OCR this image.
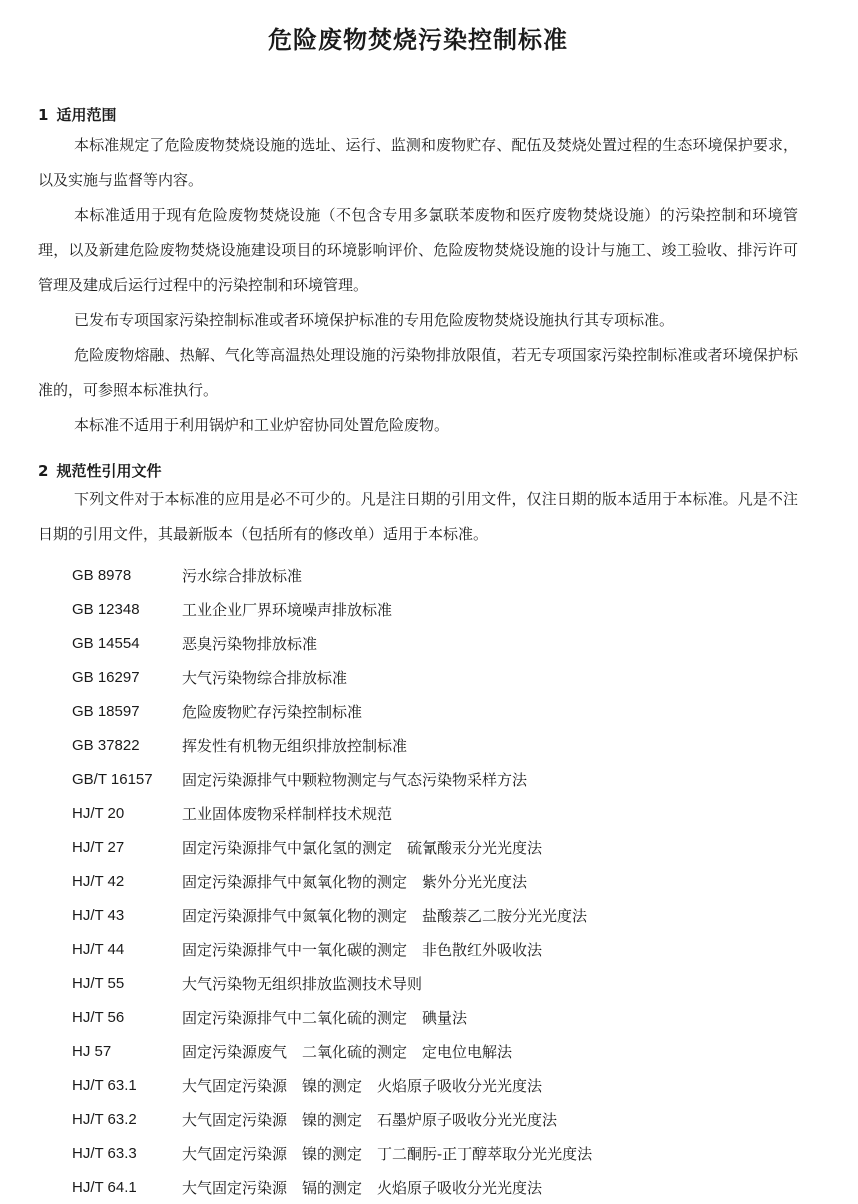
危险废物焚烧污染控制标准
1 适用范围

本标准规定了危险废物焚烧设施的选址、运行、监测和废物贮存、配伍及焚烧处置过程的生态环境保护要求，以及实施与监督等内容。

本标准适用于现有危险废物焚烧设施（不包含专用多氯联苯废物和医疗废物焚烧设施）的污染控制和环境管理，以及新建危险废物焚烧设施建设项目的环境影响评价、危险废物焚烧设施的设计与施工、竣工验收、排污许可管理及建成后运行过程中的污染控制和环境管理。

已发布专项国家污染控制标准或者环境保护标准的专用危险废物焚烧设施执行其专项标准。

危险废物熔融、热解、气化等高温热处理设施的污染物排放限值，若无专项国家污染控制标准或者环境保护标准的，可参照本标准执行。

本标准不适用于利用锅炉和工业炉窑协同处置危险废物。

2 规范性引用文件

下列文件对于本标准的应用是必不可少的。凡是注日期的引用文件，仅注日期的版本适用于本标准。凡是不注日期的引用文件，其最新版本（包括所有的修改单）适用于本标准。

GB 8978	污水综合排放标准
GB 12348	工业企业厂界环境噪声排放标准
GB 14554	恶臭污染物排放标准
GB 16297	大气污染物综合排放标准
GB 18597	危险废物贮存污染控制标准
GB 37822	挥发性有机物无组织排放控制标准
GB/T 16157	固定污染源排气中颗粒物测定与气态污染物采样方法
HJ/T 20	工业固体废物采样制样技术规范
HJ/T 27	固定污染源排气中氯化氢的测定　硫氰酸汞分光光度法
HJ/T 42	固定污染源排气中氮氧化物的测定　紫外分光光度法
HJ/T 43	固定污染源排气中氮氧化物的测定　盐酸萘乙二胺分光光度法
HJ/T 44	固定污染源排气中一氧化碳的测定　非色散红外吸收法
HJ/T 55	大气污染物无组织排放监测技术导则
HJ/T 56	固定污染源排气中二氧化硫的测定　碘量法
HJ 57	固定污染源废气　二氧化硫的测定　定电位电解法
HJ/T 63.1	大气固定污染源　镍的测定　火焰原子吸收分光光度法
HJ/T 63.2	大气固定污染源　镍的测定　石墨炉原子吸收分光光度法
HJ/T 63.3	大气固定污染源　镍的测定　丁二酮肟-正丁醇萃取分光光度法
HJ/T 64.1	大气固定污染源　镉的测定　火焰原子吸收分光光度法
